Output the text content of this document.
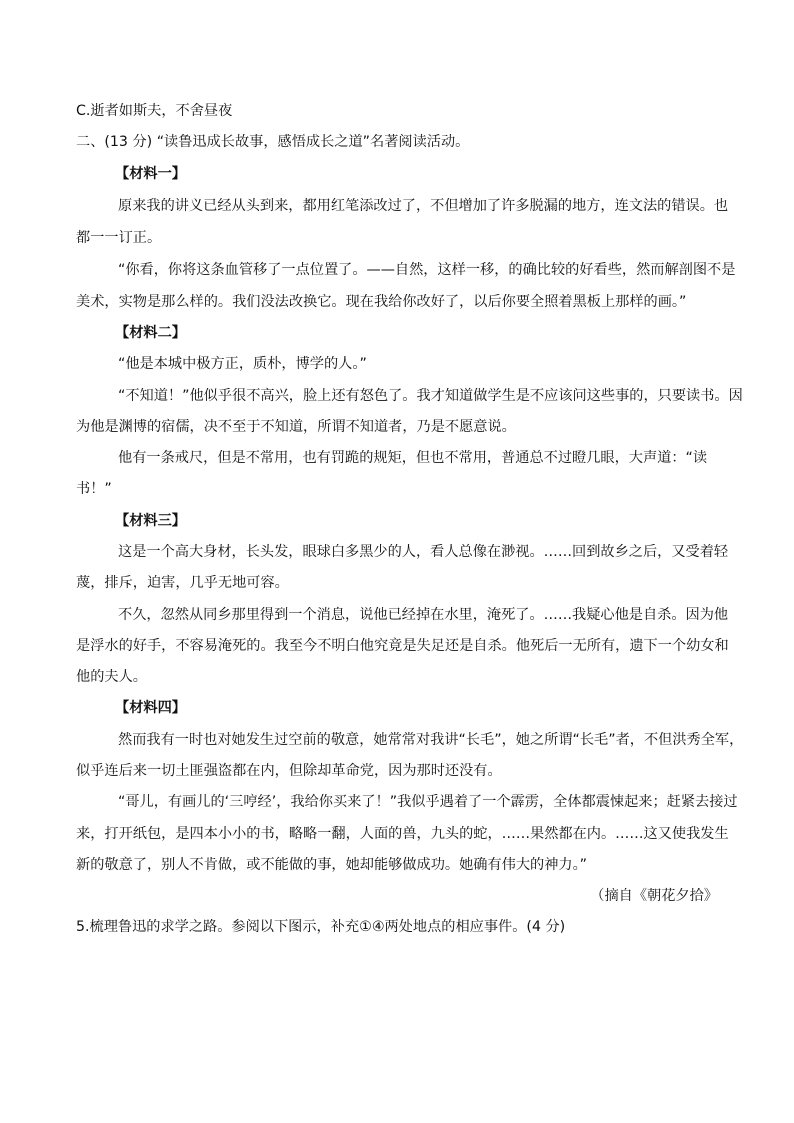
C.逝者如斯夫，不舍昼夜
二、(13 分) “读鲁迅成长故事，感悟成长之道”名著阅读活动。
【材料一】
原来我的讲义已经从头到来，都用红笔添改过了，不但增加了许多脱漏的地方，连文法的错误。也
都一一订正。
“你看，你将这条血管移了一点位置了。——自然，这样一移，的确比较的好看些，然而解剖图不是
美术，实物是那么样的。我们没法改换它。现在我给你改好了，以后你要全照着黑板上那样的画。”
【材料二】
“他是本城中极方正，质朴，博学的人。”
“不知道！”他似乎很不高兴，脸上还有怒色了。我才知道做学生是不应该问这些事的，只要读书。因
为他是渊博的宿儒，决不至于不知道，所谓不知道者，乃是不愿意说。
他有一条戒尺，但是不常用，也有罚跪的规矩，但也不常用，普通总不过瞪几眼，大声道：“读
书！”
【材料三】
这是一个高大身材，长头发，眼球白多黑少的人，看人总像在渺视。……回到故乡之后，又受着轻
蔑，排斥，迫害，几乎无地可容。
不久，忽然从同乡那里得到一个消息，说他已经掉在水里，淹死了。……我疑心他是自杀。因为他
是浮水的好手，不容易淹死的。我至今不明白他究竟是失足还是自杀。他死后一无所有，遗下一个幼女和
他的夫人。
【材料四】
然而我有一时也对她发生过空前的敬意，她常常对我讲“长毛”，她之所谓“长毛”者，不但洪秀全军，
似乎连后来一切土匪强盗都在内，但除却革命党，因为那时还没有。
“哥儿，有画儿的‘三哼经’，我给你买来了！”我似乎遇着了一个霹雳，全体都震悚起来；赶紧去接过
来，打开纸包，是四本小小的书，略略一翻，人面的兽，九头的蛇，……果然都在内。……这又使我发生
新的敬意了，别人不肯做，或不能做的事，她却能够做成功。她确有伟大的神力。”
（摘自《朝花夕拾》
5.梳理鲁迅的求学之路。参阅以下图示，补充①④两处地点的相应事件。(4 分)
